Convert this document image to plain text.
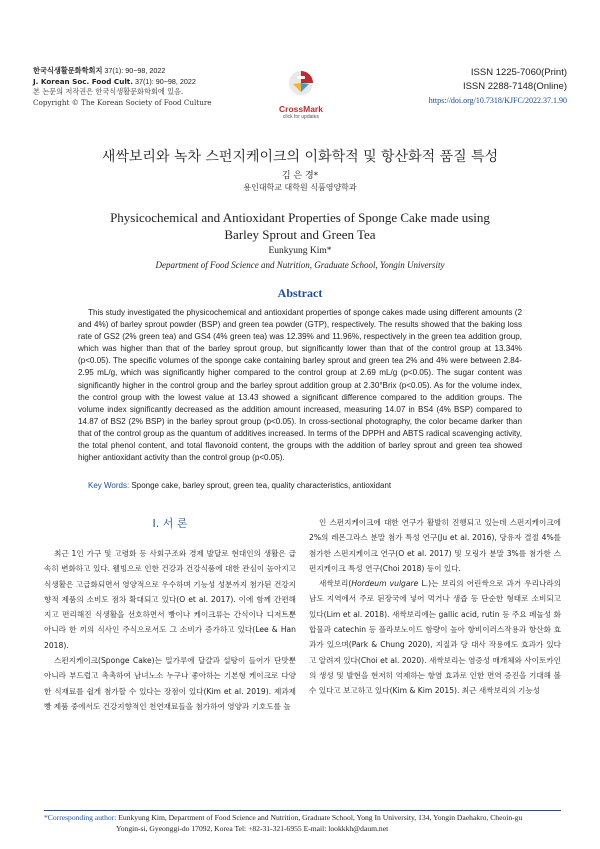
한국식생활문화학회지 37(1): 90~98, 2022
J. Korean Soc. Food Cult. 37(1): 90~98, 2022
본 논문의 저작권은 한국식생활문화학회에 있음.
Copyright © The Korean Society of Food Culture
CrossMark
click for updates
ISSN 1225-7060(Print)
ISSN 2288-7148(Online)
https://doi.org/10.7318/KJFC/2022.37.1.90
새싹보리와 녹차 스펀지케이크의 이화학적 및 항산화적 품질 특성
김 은 경*
용인대학교 대학원 식품영양학과
Physicochemical and Antioxidant Properties of Sponge Cake made using
Barley Sprout and Green Tea
Eunkyung Kim*
Department of Food Science and Nutrition, Graduate School, Yongin University
Abstract

This study investigated the physicochemical and antioxidant properties of sponge cakes made using different amounts (2 and 4%) of barley sprout powder (BSP) and green tea powder (GTP), respectively. The results showed that the baking loss rate of GS2 (2% green tea) and GS4 (4% green tea) was 12.39% and 11.96%, respectively in the green tea addition group, which was higher than that of the barley sprout group, but significantly lower than that of the control group at 13.34% (p<0.05). The specific volumes of the sponge cake containing barley sprout and green tea 2% and 4% were between 2.84-2.95 mL/g, which was significantly higher compared to the control group at 2.69 mL/g (p<0.05). The sugar content was significantly higher in the control group and the barley sprout addition group at 2.30°Brix (p<0.05). As for the volume index, the control group with the lowest value at 13.43 showed a significant difference compared to the addition groups. The volume index significantly decreased as the addition amount increased, measuring 14.07 in BS4 (4% BSP) compared to 14.87 of BS2 (2% BSP) in the barley sprout group (p<0.05). In cross-sectional photography, the color became darker than that of the control group as the quantum of additives increased. In terms of the DPPH and ABTS radical scavenging activity, the total phenol content, and total flavonoid content, the groups with the addition of barley sprout and green tea showed higher antioxidant activity than the control group (p<0.05).

Key Words: Sponge cake, barley sprout, green tea, quality characteristics, antioxidant
I. 서 론

최근 1인 가구 및 고령화 등 사회구조와 경제 발달로 현대인의 생활은 급속히 변화하고 있다. 웰빙으로 인한 건강과 건강식품에 대한 관심이 높아지고 식생활은 고급화되면서 영양적으로 우수하며 기능성 성분까지 첨가된 건강지향적 제품의 소비도 점차 확대되고 있다(O et al. 2017). 이에 함께 간편해지고 편리해진 식생활을 선호하면서 빵이나 케이크류는 간식이나 디저트뿐 아니라 한 끼의 식사인 주식으로서도 그 소비가 증가하고 있다(Lee & Han 2018).

스펀지케이크(Sponge Cake)는 밀가루에 달걀과 설탕이 들어가 단맛뿐 아니라 부드럽고 촉촉하여 남녀노소 누구나 좋아하는 기본형 케이크로 다양한 식재료를 쉽게 첨가할 수 있다는 장점이 있다(Kim et al. 2019). 제과제빵 제품 중에서도 건강지향적인 천연재료들을 첨가하여 영양과 기호도를 높

인 스펀지케이크에 대한 연구가 활발히 진행되고 있는데 스펀지케이크에 2%의 레몬그라스 분말 첨가 특성 연구(Ju et al. 2016), 당유자 결절 4%를 첨가한 스펀지케이크 연구(O et al. 2017) 및 모링가 분말 3%를 첨가한 스펀지케이크 특성 연구(Choi 2018) 등이 있다.

새싹보리(Hordeum vulgare L.)는 보리의 어린싹으로 과거 우리나라의 남도 지역에서 주로 된장국에 넣어 먹거나 생즙 등 단순한 형태로 소비되고 있다(Lim et al. 2018). 새싹보리에는 gallic acid, rutin 등 주요 페놀성 화합물과 catechin 등 플라보노이드 함량이 높아 항비이러스작용과 항산화 효과가 있으며(Park & Chung 2020), 지질과 당 대사 작용에도 효과가 있다고 알려져 있다(Choi et al. 2020). 새싹보리는 염증성 매개체와 사이토카인의 생성 및 발현을 현저히 억제하는 항염 효과로 인한 면역 증진을 기대해 볼 수 있다고 보고하고 있다(Kim & Kim 2015). 최근 새싹보리의 기능성

*Corresponding author: Eunkyung Kim, Department of Food Science and Nutrition, Graduate School, Yong In University, 134, Yongin Daehakro, Cheoin-gu
Yongin-si, Gyeonggi-do 17092, Korea Tel: +82-31-321-6955 E-mail: lookkkh@daum.net
